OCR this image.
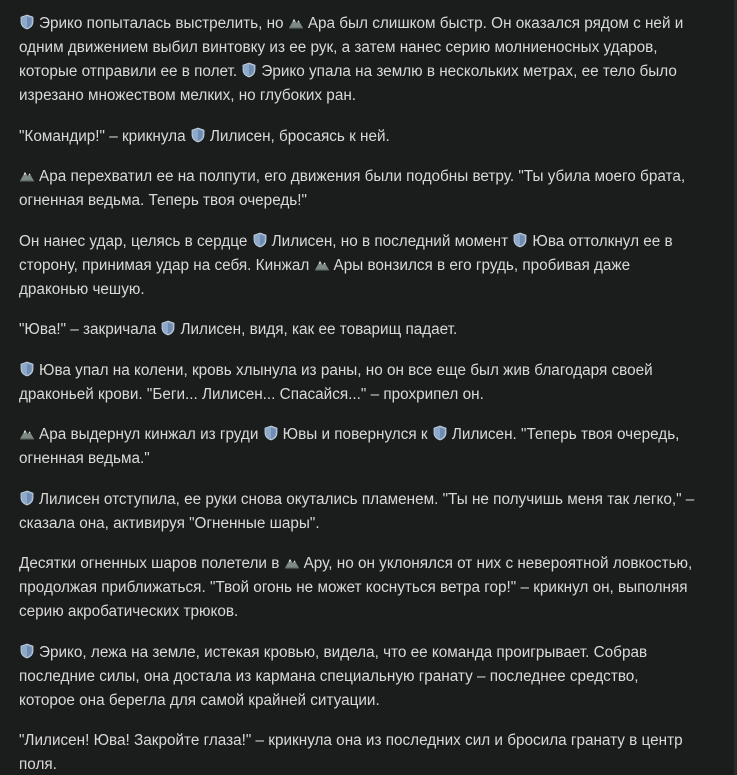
Эрико попыталась выстрелить, но
Ара был слишком быстр. Он оказался рядом с ней и одним движением выбил винтовку из ее рук, а затем нанес серию молниеносных ударов, которые отправили ее в полет.
Эрико упала на землю в нескольких метрах, ее тело было изрезано множеством мелких, но глубоких ран.

"Командир!" – крикнула
Лилисен, бросаясь к ней.

Ара перехватил ее на полпути, его движения были подобны ветру. "Ты убила моего брата, огненная ведьма. Теперь твоя очередь!"

Он нанес удар, целясь в сердце
Лилисен, но в последний момент
Юва оттолкнул ее в сторону, принимая удар на себя. Кинжал
Ары вонзился в его грудь, пробивая даже драконью чешую.

"Юва!" – закричала
Лилисен, видя, как ее товарищ падает.

Юва упал на колени, кровь хлынула из раны, но он все еще был жив благодаря своей драконьей крови. "Беги... Лилисен... Спасайся..." – прохрипел он.

Ара выдернул кинжал из груди
Ювы и повернулся к
Лилисен. "Теперь твоя очередь, огненная ведьма."

Лилисен отступила, ее руки снова окутались пламенем. "Ты не получишь меня так легко," – сказала она, активируя "Огненные шары".

Десятки огненных шаров полетели в
Ару, но он уклонялся от них с невероятной ловкостью, продолжая приближаться. "Твой огонь не может коснуться ветра гор!" – крикнул он, выполняя серию акробатических трюков.

Эрико, лежа на земле, истекая кровью, видела, что ее команда проигрывает. Собрав последние силы, она достала из кармана специальную гранату – последнее средство, которое она берегла для самой крайней ситуации.

"Лилисен! Юва! Закройте глаза!" – крикнула она из последних сил и бросила гранату в центр поля.
